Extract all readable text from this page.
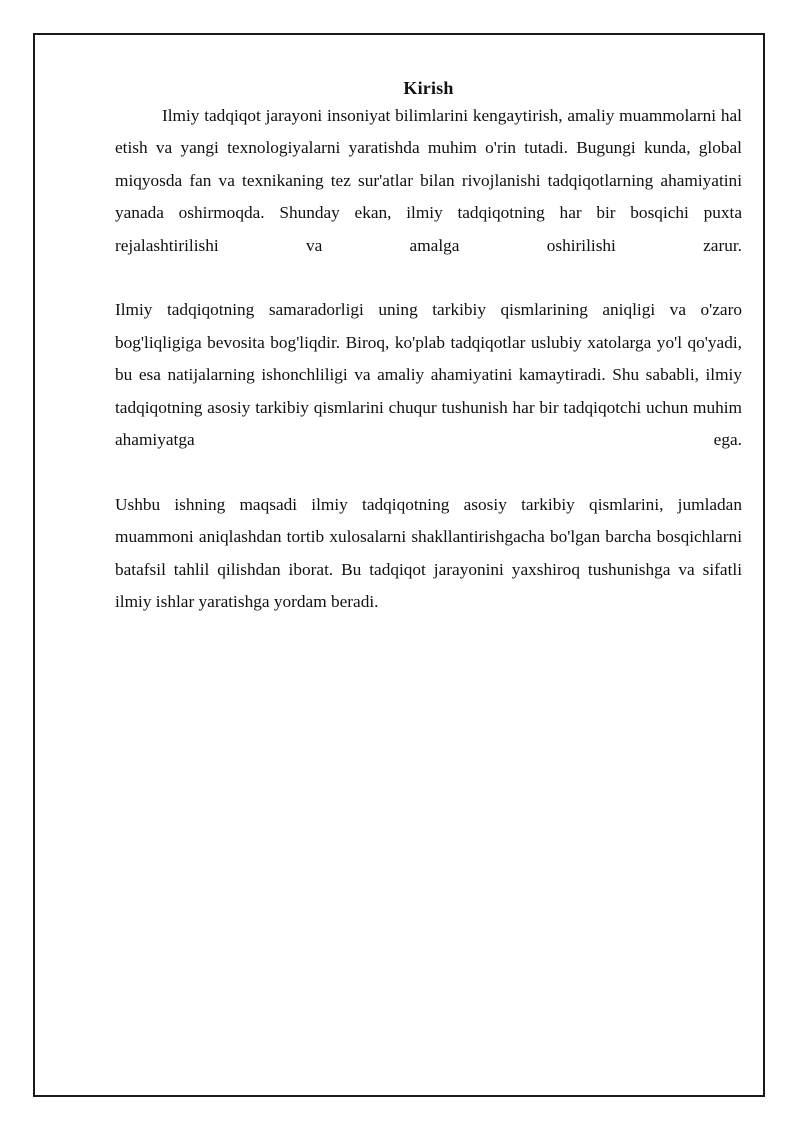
Kirish

Ilmiy tadqiqot jarayoni insoniyat bilimlarini kengaytirish, amaliy muammolarni hal etish va yangi texnologiyalarni yaratishda muhim o'rin tutadi. Bugungi kunda, global miqyosda fan va texnikaning tez sur'atlar bilan rivojlanishi tadqiqotlarning ahamiyatini yanada oshirmoqda. Shunday ekan, ilmiy tadqiqotning har bir bosqichi puxta rejalashtirilishi va amalga oshirilishi zarur.

Ilmiy tadqiqotning samaradorligi uning tarkibiy qismlarining aniqligi va o'zaro bog'liqligiga bevosita bog'liqdir. Biroq, ko'plab tadqiqotlar uslubiy xatolarga yo'l qo'yadi, bu esa natijalarning ishonchliligi va amaliy ahamiyatini kamaytiradi. Shu sababli, ilmiy tadqiqotning asosiy tarkibiy qismlarini chuqur tushunish har bir tadqiqotchi uchun muhim ahamiyatga ega.

Ushbu ishning maqsadi ilmiy tadqiqotning asosiy tarkibiy qismlarini, jumladan muammoni aniqlashdan tortib xulosalarni shakllantirishgacha bo'lgan barcha bosqichlarni batafsil tahlil qilishdan iborat. Bu tadqiqot jarayonini yaxshiroq tushunishga va sifatli ilmiy ishlar yaratishga yordam beradi.
